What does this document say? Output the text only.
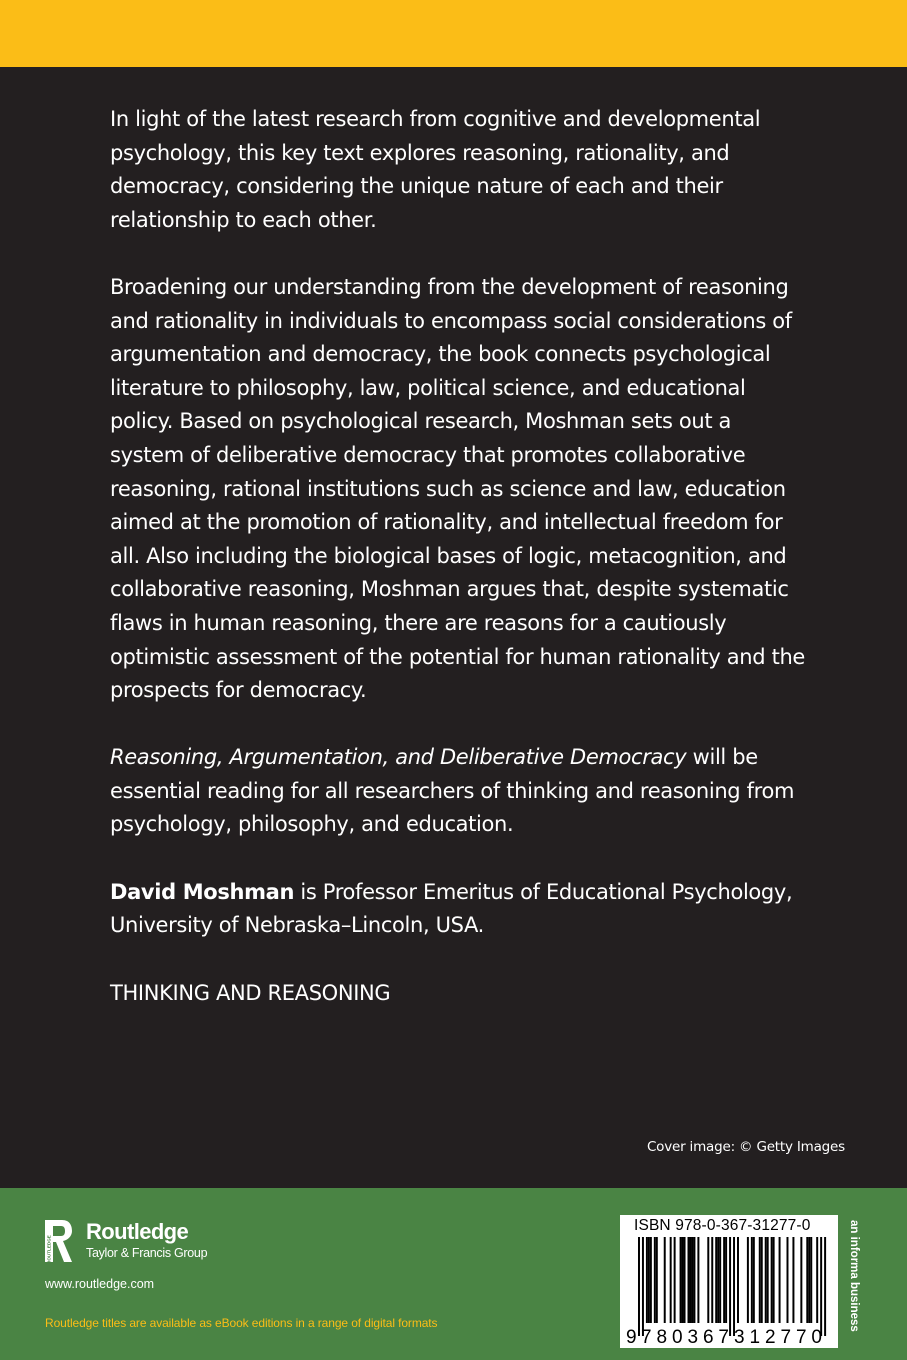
In light of the latest research from cognitive and developmental psychology, this key text explores reasoning, rationality, and democracy, considering the unique nature of each and their relationship to each other.

Broadening our understanding from the development of reasoning and rationality in individuals to encompass social considerations of argumentation and democracy, the book connects psychological literature to philosophy, law, political science, and educational policy. Based on psychological research, Moshman sets out a system of deliberative democracy that promotes collaborative reasoning, rational institutions such as science and law, education aimed at the promotion of rationality, and intellectual freedom for all. Also including the biological bases of logic, metacognition, and collaborative reasoning, Moshman argues that, despite systematic flaws in human reasoning, there are reasons for a cautiously optimistic assessment of the potential for human rationality and the prospects for democracy.

Reasoning, Argumentation, and Deliberative Democracy will be essential reading for all researchers of thinking and reasoning from psychology, philosophy, and education.

David Moshman is Professor Emeritus of Educational Psychology, University of Nebraska–Lincoln, USA.

THINKING AND REASONING
Cover image: © Getty Images
ROUTLEDGE
Routledge
Taylor & Francis Group
www.routledge.com
Routledge titles are available as eBook editions in a range of digital formats
ISBN 978-0-367-31277-0
9 780367 312770
an informa business
